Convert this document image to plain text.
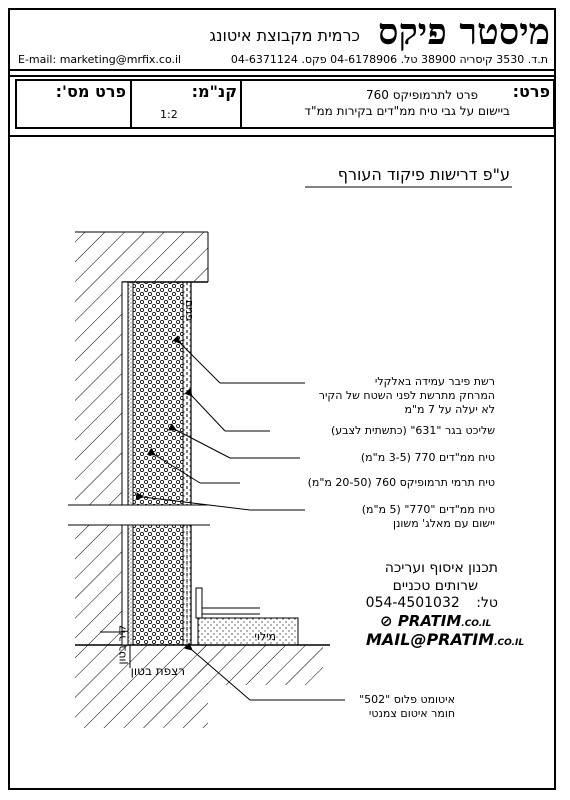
מיסטר פיקס
כרמית מקבוצת איטונג
ת.ד. 3530 קיסריה 38900 טל. 04-6178906 פקס. 04-6371124
E-mail: marketing@mrfix.co.il
פרט:
פרט לתרמופיקס 760
ביישום על גבי טיח ממ"דים בקירות ממ"ד
קנ"מ:
1:2
פרט מס':
ע"פ דרישות פיקוד העורף
פנים
קיר בטון
רצפת בטון
מילוי
רשת פיבר עמידה באלקלי
המרחק מתרשת לפני השטח של הקיר
לא יעלה על 7 מ"מ
שליכט בגר "631" (כתשתית לצבע)
טיח ממ"דים 770 (3-5 מ"מ)
טיח תרמי תרמופיקס 760 (20-50 מ"מ)
טיח ממ"דים "770" (5 מ"מ)
יישום עם מאלג' משונן
איטומט פלוס "502"
חומר איטום צמנטי
תכנון איסוף ועריכה
שרותים טכניים
טל: 054-4501032
⊘ PRATIM.CO.IL
MAIL@PRATIM.CO.IL
